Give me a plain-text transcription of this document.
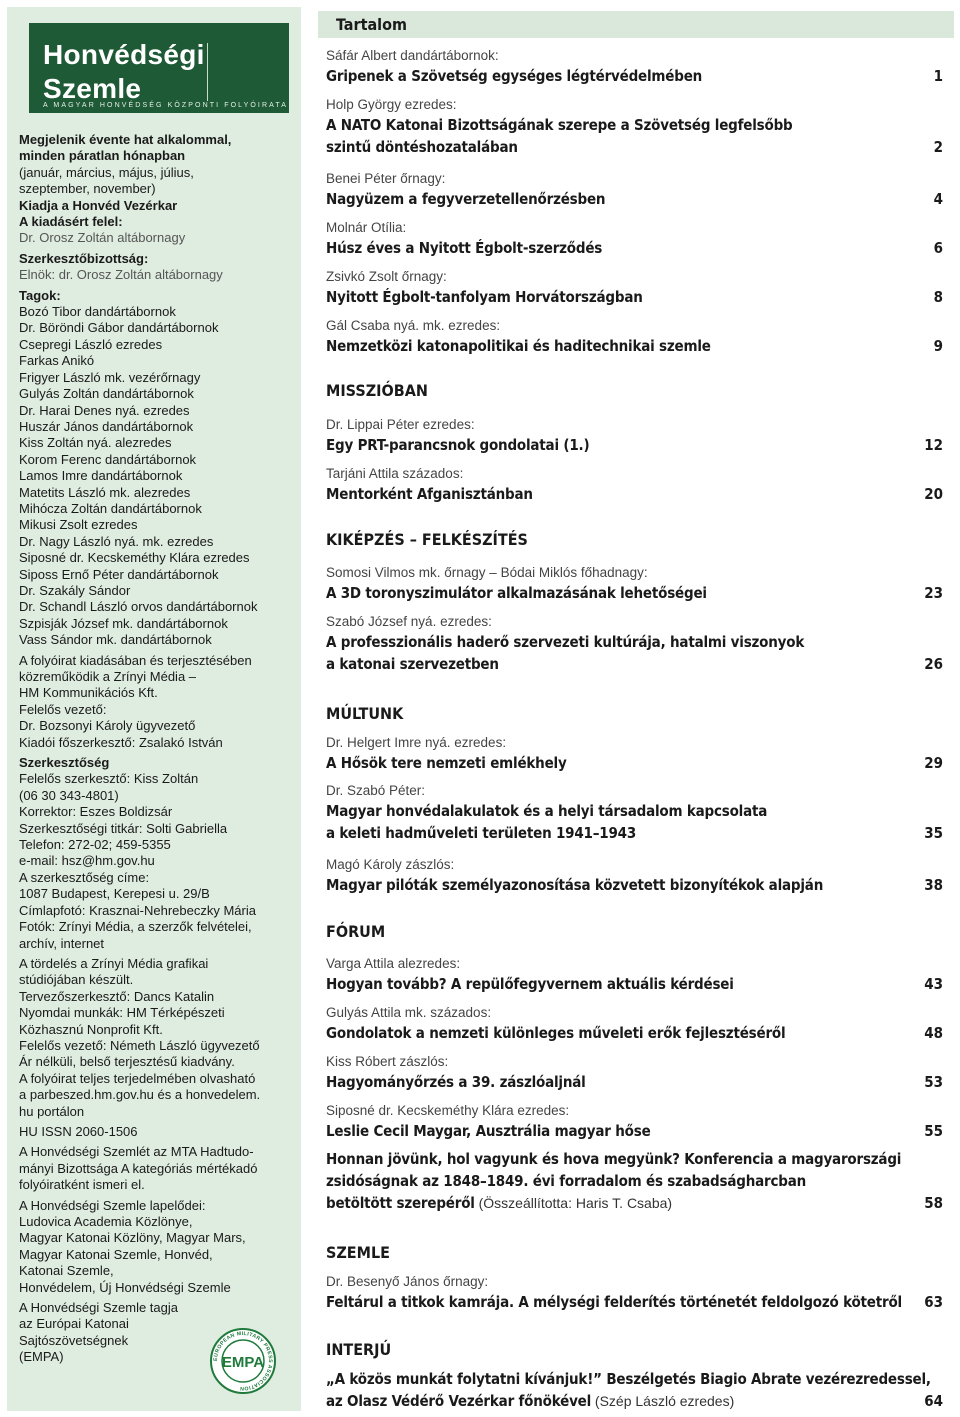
Honvédségi
Szemle
A MAGYAR HONVÉDSÉG KÖZPONTI FOLYÓIRATA
Megjelenik évente hat alkalommal,
minden páratlan hónapban
(január, március, május, július,
szeptember, november)
Kiadja a Honvéd Vezérkar
A kiadásért felel:
Dr. Orosz Zoltán altábornagy
Szerkesztőbizottság:
Elnök: dr. Orosz Zoltán altábornagy
Tagok:
Bozó Tibor dandártábornok
Dr. Böröndi Gábor dandártábornok
Csepregi László ezredes
Farkas Anikó
Frigyer László mk. vezérőrnagy
Gulyás Zoltán dandártábornok
Dr. Harai Denes nyá. ezredes
Huszár János dandártábornok
Kiss Zoltán nyá. alezredes
Korom Ferenc dandártábornok
Lamos Imre dandártábornok
Matetits László mk. alezredes
Mihócza Zoltán dandártábornok
Mikusi Zsolt ezredes
Dr. Nagy László nyá. mk. ezredes
Siposné dr. Kecskeméthy Klára ezredes
Siposs Ernő Péter dandártábornok
Dr. Szakály Sándor
Dr. Schandl László orvos dandártábornok
Szpisják József mk. dandártábornok
Vass Sándor mk. dandártábornok
A folyóirat kiadásában és terjesztésében
közreműködik a Zrínyi Média –
HM Kommunikációs Kft.
Felelős vezető:
Dr. Bozsonyi Károly ügyvezető
Kiadói főszerkesztő: Zsalakó István
Szerkesztőség
Felelős szerkesztő: Kiss Zoltán
(06 30 343-4801)
Korrektor: Eszes Boldizsár
Szerkesztőségi titkár: Solti Gabriella
Telefon: 272-02; 459-5355
e-mail: hsz@hm.gov.hu
A szerkesztőség címe:
1087 Budapest, Kerepesi u. 29/B
Címlapfotó: Krasznai-Nehrebeczky Mária
Fotók: Zrínyi Média, a szerzők felvételei,
archív, internet
A tördelés a Zrínyi Média grafikai
stúdiójában készült.
Tervezőszerkesztő: Dancs Katalin
Nyomdai munkák: HM Térképészeti
Közhasznú Nonprofit Kft.
Felelős vezető: Németh László ügyvezető
Ár nélküli, belső terjesztésű kiadvány.
A folyóirat teljes terjedelmében olvasható
a parbeszed.hm.gov.hu és a honvedelem.
hu portálon
HU ISSN 2060-1506
A Honvédségi Szemlét az MTA Hadtudo-
mányi Bizottsága A kategóriás mértékadó
folyóiratként ismeri el.
A Honvédségi Szemle lapelődei:
Ludovica Academia Közlönye,
Magyar Katonai Közlöny, Magyar Mars,
Magyar Katonai Szemle, Honvéd,
Katonai Szemle,
Honvédelem, Új Honvédségi Szemle
A Honvédségi Szemle tagja
az Európai Katonai
Sajtószövetségnek
(EMPA)	EUROPEAN MILITARY PRESS ASSOCIATION
EMPA
Tartalom
Sáfár Albert dandártábornok:
Gripenek a Szövetség egységes légtérvédelmében	1
Holp György ezredes:
A NATO Katonai Bizottságának szerepe a Szövetség legfelsőbb
szintű döntéshozatalában	2
Benei Péter őrnagy:
Nagyüzem a fegyverzetellenőrzésben	4
Molnár Otília:
Húsz éves a Nyitott Égbolt-szerződés	6
Zsivkó Zsolt őrnagy:
Nyitott Égbolt-tanfolyam Horvátországban	8
Gál Csaba nyá. mk. ezredes:
Nemzetközi katonapolitikai és haditechnikai szemle	9
MISSZIÓBAN
Dr. Lippai Péter ezredes:
Egy PRT-parancsnok gondolatai (1.)	12
Tarjáni Attila százados:
Mentorként Afganisztánban	20
KIKÉPZÉS – FELKÉSZÍTÉS
Somosi Vilmos mk. őrnagy – Bódai Miklós főhadnagy:
A 3D toronyszimulátor alkalmazásának lehetőségei	23
Szabó József nyá. ezredes:
A professzionális haderő szervezeti kultúrája, hatalmi viszonyok
a katonai szervezetben	26
MÚLTUNK
Dr. Helgert Imre nyá. ezredes:
A Hősök tere nemzeti emlékhely	29
Dr. Szabó Péter:
Magyar honvédalakulatok és a helyi társadalom kapcsolata
a keleti hadműveleti területen 1941–1943	35
Magó Károly zászlós:
Magyar pilóták személyazonosítása közvetett bizonyítékok alapján	38
FÓRUM
Varga Attila alezredes:
Hogyan tovább? A repülőfegyvernem aktuális kérdései	43
Gulyás Attila mk. százados:
Gondolatok a nemzeti különleges műveleti erők fejlesztéséről	48
Kiss Róbert zászlós:
Hagyományőrzés a 39. zászlóaljnál	53
Siposné dr. Kecskeméthy Klára ezredes:
Leslie Cecil Maygar, Ausztrália magyar hőse	55
Honnan jövünk, hol vagyunk és hova megyünk? Konferencia a magyarországi
zsidóságnak az 1848–1849. évi forradalom és szabadságharcban
betöltött szerepéről (Összeállította: Haris T. Csaba)	58
SZEMLE
Dr. Besenyő János őrnagy:
Feltárul a titkok kamrája. A mélységi felderítés történetét feldolgozó kötetről	63
INTERJÚ
„A közös munkát folytatni kívánjuk!” Beszélgetés Biagio Abrate vezérezredessel,
az Olasz Védérő Vezérkar főnökével (Szép László ezredes)	64
